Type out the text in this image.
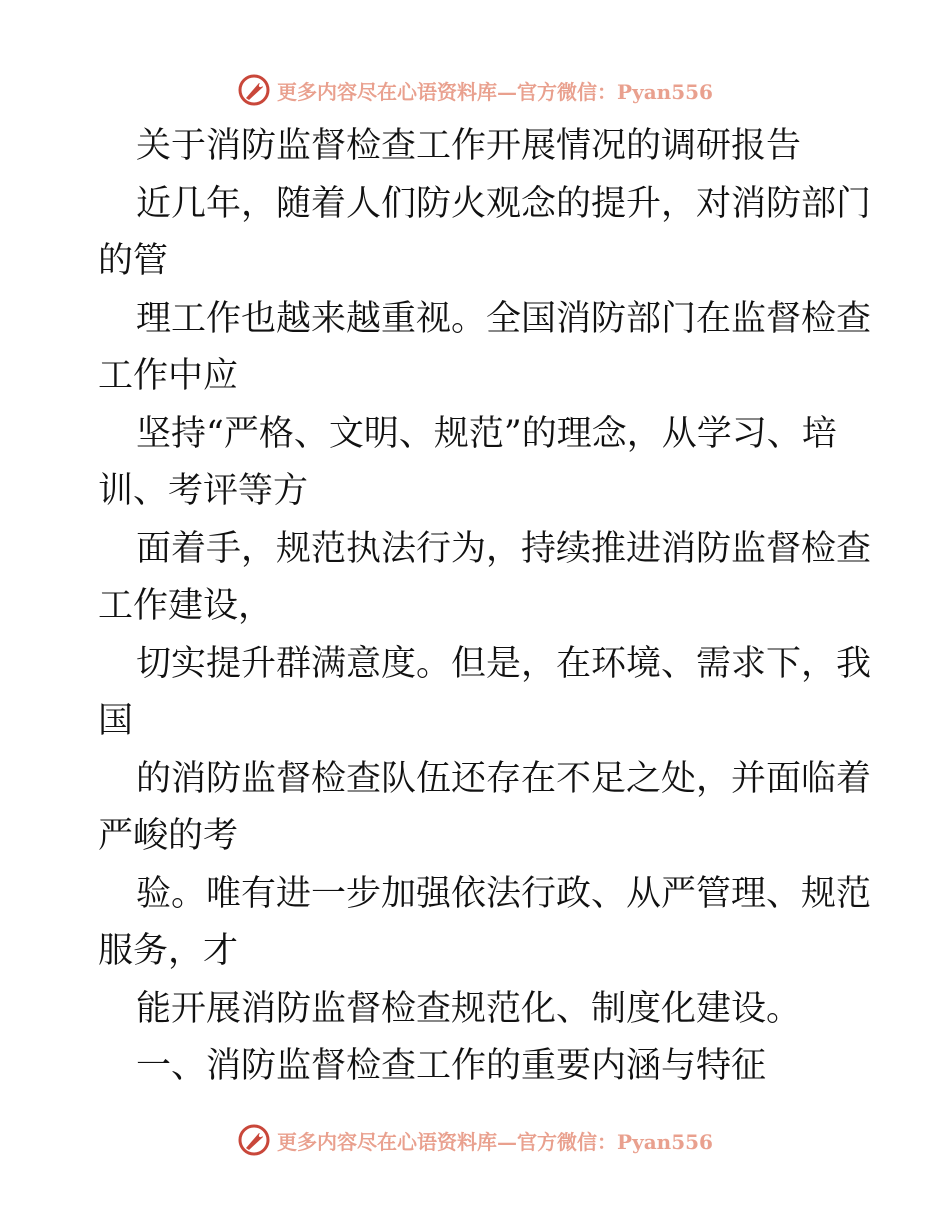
更多内容尽在心语资料库—官方微信：Pyan556
关于消防监督检查工作开展情况的调研报告
近几年，随着人们防火观念的提升，对消防部门
的管
理工作也越来越重视。全国消防部门在监督检查
工作中应
坚持“严格、文明、规范”的理念，从学习、培
训、考评等方
面着手，规范执法行为，持续推进消防监督检查
工作建设，
切实提升群满意度。但是，在环境、需求下，我
国
的消防监督检查队伍还存在不足之处，并面临着
严峻的考
验。唯有进一步加强依法行政、从严管理、规范
服务，才
能开展消防监督检查规范化、制度化建设。
一、消防监督检查工作的重要内涵与特征
更多内容尽在心语资料库—官方微信：Pyan556
